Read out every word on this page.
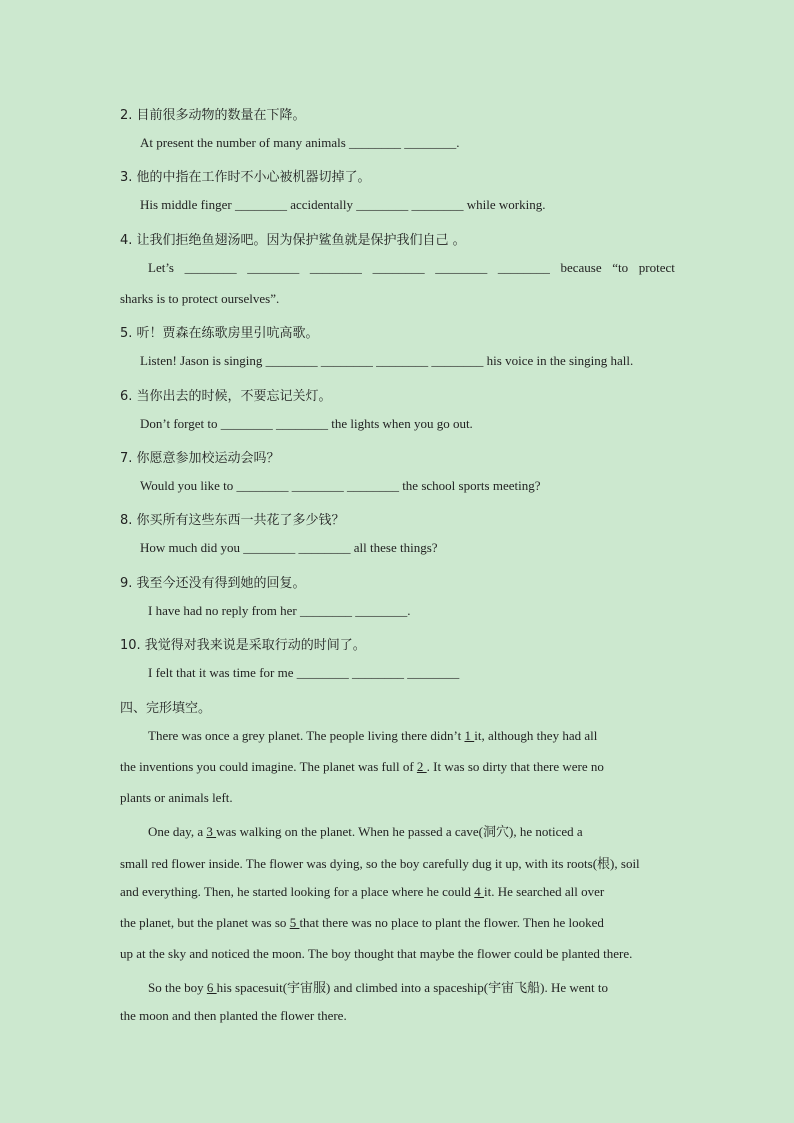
2. 目前很多动物的数量在下降。
At present the number of many animals ________ ________.
3. 他的中指在工作时不小心被机器切掉了。
His middle finger ________ accidentally ________ ________ while working.
4. 让我们拒绝鱼翅汤吧。因为保护鲨鱼就是保护我们自己 。
Let’s ________ ________ ________ ________ ________ ________ because “to protect
sharks is to protect ourselves”.
5. 听！贾森在练歌房里引吭高歌。
Listen! Jason is singing ________ ________ ________ ________ his voice in the singing hall.
6. 当你出去的时候，不要忘记关灯。
Don’t forget to ________ ________ the lights when you go out.
7. 你愿意参加校运动会吗？
Would you like to ________ ________ ________ the school sports meeting?
8. 你买所有这些东西一共花了多少钱？
How much did you ________ ________ all these things?
9. 我至今还没有得到她的回复。
I have had no reply from her ________ ________.
10. 我觉得对我来说是采取行动的时间了。
I felt that it was time for me ________ ________ ________
四、完形填空。
There was once a grey planet. The people living there didn’t 1 it, although they had all
the inventions you could imagine. The planet was full of 2 . It was so dirty that there were no
plants or animals left.
One day, a 3 was walking on the planet. When he passed a cave(洞穴), he noticed a
small red flower inside. The flower was dying, so the boy carefully dug it up, with its roots(根), soil
and everything. Then, he started looking for a place where he could 4 it. He searched all over
the planet, but the planet was so 5 that there was no place to plant the flower. Then he looked
up at the sky and noticed the moon. The boy thought that maybe the flower could be planted there.
So the boy 6 his spacesuit(宇宙服) and climbed into a spaceship(宇宙飞船). He went to
the moon and then planted the flower there.
